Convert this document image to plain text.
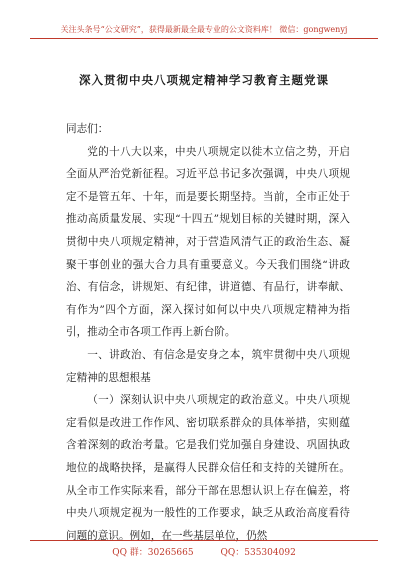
关注头条号“公文研究”，获得最新最全最专业的公文资料库！ 微信：gongwenyj
深入贯彻中央八项规定精神学习教育主题党课

同志们：

党的十八大以来，中央八项规定以徙木立信之势，开启全面从严治党新征程。习近平总书记多次强调，中央八项规定不是管五年、十年，而是要长期坚持。当前，全市正处于推动高质量发展、实现“十四五”规划目标的关键时期，深入贯彻中央八项规定精神，对于营造风清气正的政治生态、凝聚干事创业的强大合力具有重要意义。今天我们围绕“讲政治、有信念，讲规矩、有纪律，讲道德、有品行，讲奉献、有作为”四个方面，深入探讨如何以中央八项规定精神为指引，推动全市各项工作再上新台阶。

一、讲政治、有信念是安身之本，筑牢贯彻中央八项规定精神的思想根基

（一）深刻认识中央八项规定的政治意义。中央八项规定看似是改进工作作风、密切联系群众的具体举措，实则蕴含着深刻的政治考量。它是我们党加强自身建设、巩固执政地位的战略抉择，是赢得人民群众信任和支持的关键所在。从全市工作实际来看，部分干部在思想认识上存在偏差，将中央八项规定视为一般性的工作要求，缺乏从政治高度看待问题的意识。例如，在一些基层单位，仍然

QQ 群：30265665	QQ：535304092
